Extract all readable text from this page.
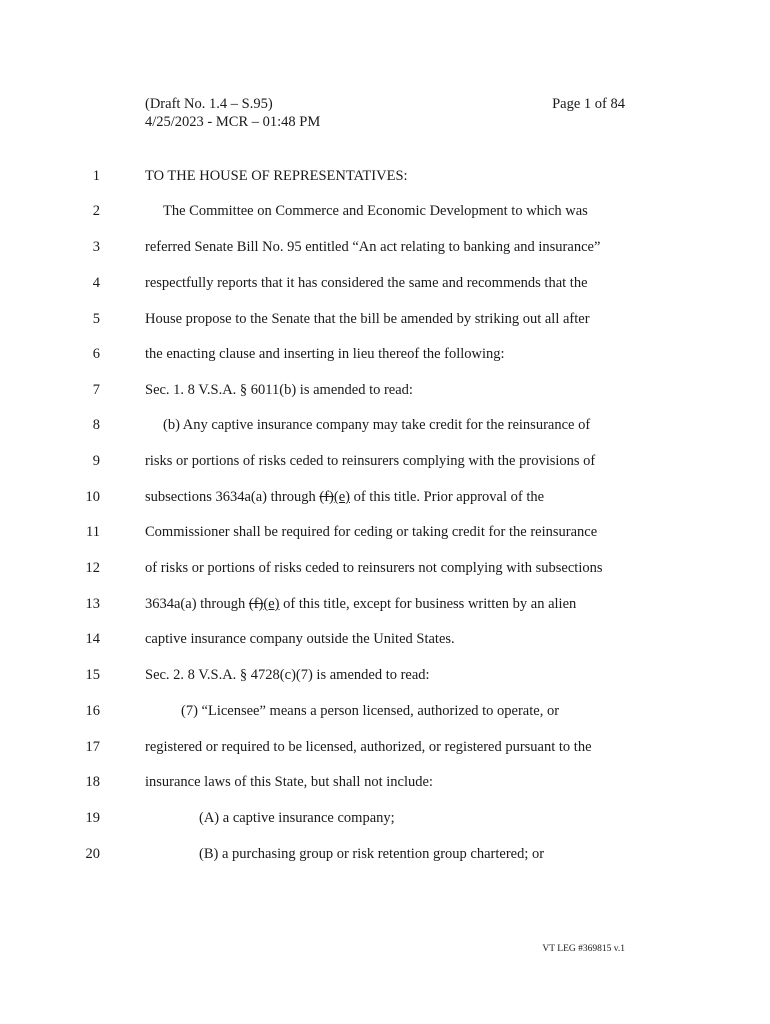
(Draft No. 1.4 – S.95)
4/25/2023 - MCR – 01:48 PM
Page 1 of 84
1	TO THE HOUSE OF REPRESENTATIVES:
2	The Committee on Commerce and Economic Development to which was
3	referred Senate Bill No. 95 entitled “An act relating to banking and insurance”
4	respectfully reports that it has considered the same and recommends that the
5	House propose to the Senate that the bill be amended by striking out all after
6	the enacting clause and inserting in lieu thereof the following:
7	Sec. 1. 8 V.S.A. § 6011(b) is amended to read:
8	(b) Any captive insurance company may take credit for the reinsurance of
9	risks or portions of risks ceded to reinsurers complying with the provisions of
10	subsections 3634a(a) through (f)(e) of this title. Prior approval of the
11	Commissioner shall be required for ceding or taking credit for the reinsurance
12	of risks or portions of risks ceded to reinsurers not complying with subsections
13	3634a(a) through (f)(e) of this title, except for business written by an alien
14	captive insurance company outside the United States.
15	Sec. 2. 8 V.S.A. § 4728(c)(7) is amended to read:
16	(7) “Licensee” means a person licensed, authorized to operate, or
17	registered or required to be licensed, authorized, or registered pursuant to the
18	insurance laws of this State, but shall not include:
19	(A) a captive insurance company;
20	(B) a purchasing group or risk retention group chartered; or
VT LEG #369815 v.1
